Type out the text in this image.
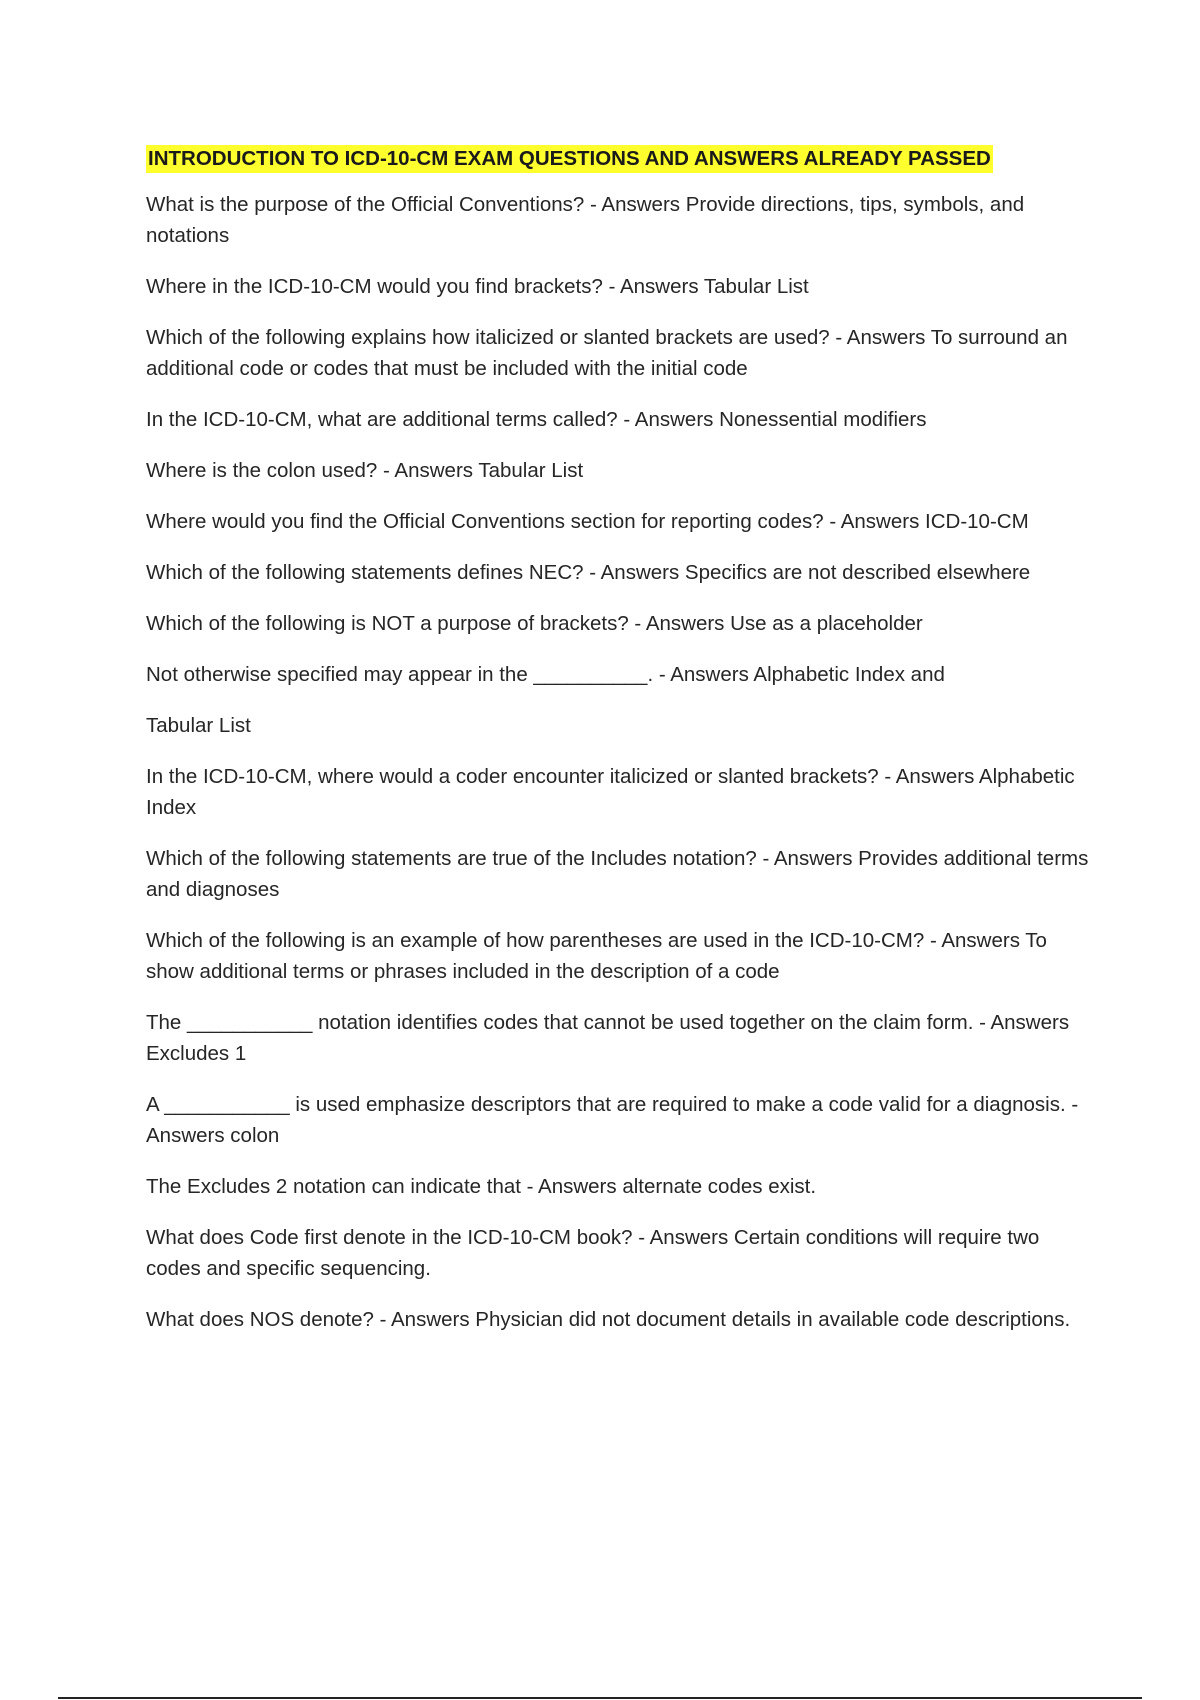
INTRODUCTION TO ICD-10-CM EXAM QUESTIONS AND ANSWERS ALREADY PASSED

What is the purpose of the Official Conventions? - Answers Provide directions, tips, symbols, and notations

Where in the ICD-10-CM would you find brackets? - Answers Tabular List

Which of the following explains how italicized or slanted brackets are used? - Answers To surround an additional code or codes that must be included with the initial code

In the ICD-10-CM, what are additional terms called? - Answers Nonessential modifiers

Where is the colon used? - Answers Tabular List

Where would you find the Official Conventions section for reporting codes? - Answers ICD-10-CM

Which of the following statements defines NEC? - Answers Specifics are not described elsewhere

Which of the following is NOT a purpose of brackets? - Answers Use as a placeholder

Not otherwise specified may appear in the __________. - Answers Alphabetic Index and

Tabular List

In the ICD-10-CM, where would a coder encounter italicized or slanted brackets? - Answers Alphabetic Index

Which of the following statements are true of the Includes notation? - Answers Provides additional terms and diagnoses

Which of the following is an example of how parentheses are used in the ICD-10-CM? - Answers To show additional terms or phrases included in the description of a code

The ___________ notation identifies codes that cannot be used together on the claim form. - Answers Excludes 1

A ___________ is used emphasize descriptors that are required to make a code valid for a diagnosis. - Answers colon

The Excludes 2 notation can indicate that - Answers alternate codes exist.

What does Code first denote in the ICD-10-CM book? - Answers Certain conditions will require two codes and specific sequencing.

What does NOS denote? - Answers Physician did not document details in available code descriptions.
